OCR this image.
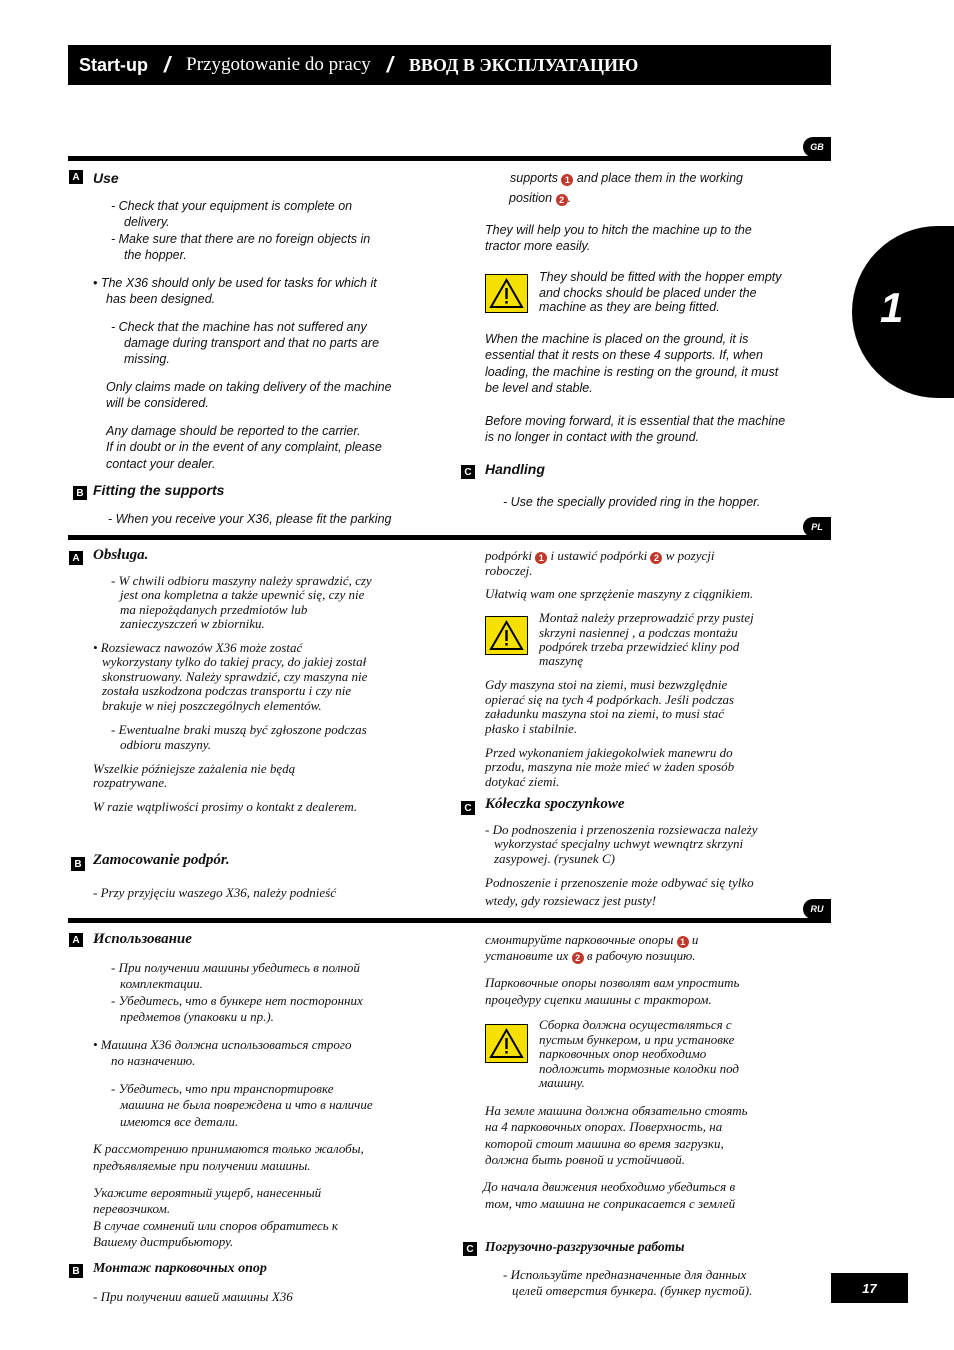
Start-up / Przygotowanie do pracy / ВВОД В ЭКСПЛУАТАЦИЮ
1
GB
A Use
- Check that your equipment is complete on
delivery.
- Make sure that there are no foreign objects in
the hopper.
• The X36 should only be used for tasks for which it
has been designed.
- Check that the machine has not suffered any
damage during transport and that no parts are
missing.
Only claims made on taking delivery of the machine
will be considered.
Any damage should be reported to the carrier.
If in doubt or in the event of any complaint, please
contact your dealer.
B Fitting the supports
- When you receive your X36, please fit the parking
supports 1 and place them in the working
position 2 .
They will help you to hitch the machine up to the
tractor more easily.
They should be fitted with the hopper empty
and chocks should be placed under the
machine as they are being fitted.
When the machine is placed on the ground, it is
essential that it rests on these 4 supports. If, when
loading, the machine is resting on the ground, it must
be level and stable.
Before moving forward, it is essential that the machine
is no longer in contact with the ground.
C Handling
- Use the specially provided ring in the hopper.
PL
A Obsługa.
- W chwili odbioru maszyny należy sprawdzić, czy
jest ona kompletna a także upewnić się, czy nie
ma niepożądanych przedmiotów lub
zanieczyszczeń w zbiorniku.
• Rozsiewacz nawozów X36 może zostać
wykorzystany tylko do takiej pracy, do jakiej został
skonstruowany. Należy sprawdzić, czy maszyna nie
została uszkodzona podczas transportu i czy nie
brakuje w niej poszczególnych elementów.
- Ewentualne braki muszą być zgłoszone podczas
odbioru maszyny.
Wszelkie późniejsze zażalenia nie będą
rozpatrywane.
W razie wątpliwości prosimy o kontakt z dealerem.
B Zamocowanie podpór.
- Przy przyjęciu waszego X36, należy podnieść
podpórki 1 i ustawić podpórki 2 w pozycji
roboczej.
Ułatwią wam one sprzężenie maszyny z ciągnikiem.
Montaż należy przeprowadzić przy pustej
skrzyni nasiennej , a podczas montażu
podpórek trzeba przewidzieć kliny pod
maszynę
Gdy maszyna stoi na ziemi, musi bezwzględnie
opierać się na tych 4 podpórkach. Jeśli podczas
załadunku maszyna stoi na ziemi, to musi stać
płasko i stabilnie.
Przed wykonaniem jakiegokolwiek manewru do
przodu, maszyna nie może mieć w żaden sposób
dotykać ziemi.
C Kółeczka spoczynkowe
- Do podnoszenia i przenoszenia rozsiewacza należy
wykorzystać specjalny uchwyt wewnątrz skrzyni
zasypowej. (rysunek C)
Podnoszenie i przenoszenie może odbywać się tylko
wtedy, gdy rozsiewacz jest pusty!
RU
A Использование
- При получении машины убедитесь в полной
комплектации.
- Убедитесь, что в бункере нет посторонних
предметов (упаковки и пр.).
• Машина X36 должна использоваться строго
по назначению.
- Убедитесь, что при транспортировке
машина не была повреждена и что в наличие
имеются все детали.
К рассмотрению принимаются только жалобы,
предъявляемые при получении машины.
Укажите вероятный ущерб, нанесенный
перевозчиком.
В случае сомнений или споров обратитесь к
Вашему дистрибьютору.
B Монтаж парковочных опор
- При получении вашей машины X36
смонтируйте парковочные опоры 1 и
установите их 2 в рабочую позицию.
Парковочные опоры позволят вам упростить
процедуру сцепки машины с трактором.
Сборка должна осуществляться с
пустым бункером, и при установке
парковочных опор необходимо
подложить тормозные колодки под
машину.
На земле машина должна обязательно стоять
на 4 парковочных опорах. Поверхность, на
которой стоит машина во время загрузки,
должна быть ровной и устойчивой.
До начала движения необходимо убедиться в
том, что машина не соприкасается с землей
C Погрузочно-разгрузочные работы
- Используйте предназначенные для данных
целей отверстия бункера. (бункер пустой).	17
